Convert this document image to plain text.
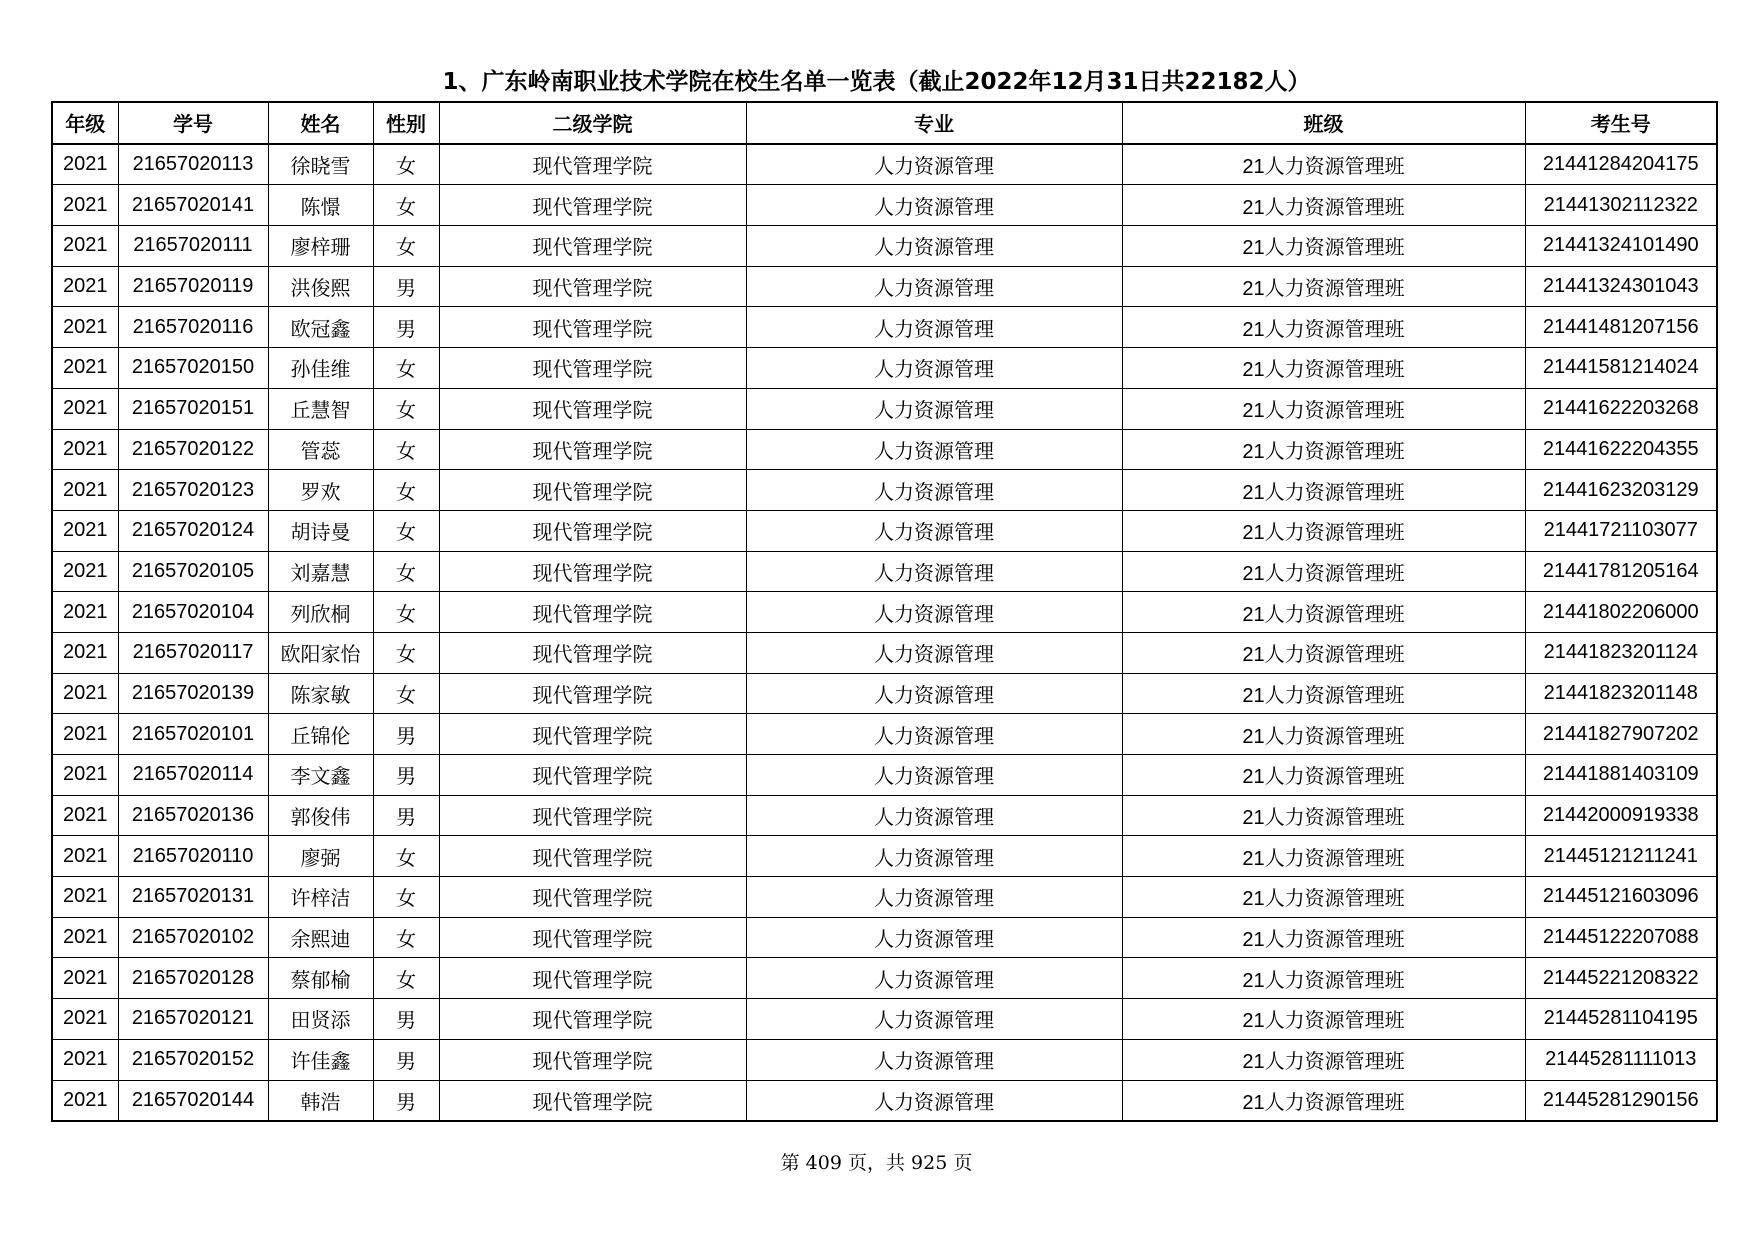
1、广东岭南职业技术学院在校生名单一览表（截止2022年12月31日共22182人）
年级	学号	姓名	性别	二级学院	专业	班级	考生号
2021	21657020113	徐晓雪	女	现代管理学院	人力资源管理	21人力资源管理班	21441284204175
2021	21657020141	陈憬	女	现代管理学院	人力资源管理	21人力资源管理班	21441302112322
2021	21657020111	廖梓珊	女	现代管理学院	人力资源管理	21人力资源管理班	21441324101490
2021	21657020119	洪俊熙	男	现代管理学院	人力资源管理	21人力资源管理班	21441324301043
2021	21657020116	欧冠鑫	男	现代管理学院	人力资源管理	21人力资源管理班	21441481207156
2021	21657020150	孙佳维	女	现代管理学院	人力资源管理	21人力资源管理班	21441581214024
2021	21657020151	丘慧智	女	现代管理学院	人力资源管理	21人力资源管理班	21441622203268
2021	21657020122	管蕊	女	现代管理学院	人力资源管理	21人力资源管理班	21441622204355
2021	21657020123	罗欢	女	现代管理学院	人力资源管理	21人力资源管理班	21441623203129
2021	21657020124	胡诗曼	女	现代管理学院	人力资源管理	21人力资源管理班	21441721103077
2021	21657020105	刘嘉慧	女	现代管理学院	人力资源管理	21人力资源管理班	21441781205164
2021	21657020104	列欣桐	女	现代管理学院	人力资源管理	21人力资源管理班	21441802206000
2021	21657020117	欧阳家怡	女	现代管理学院	人力资源管理	21人力资源管理班	21441823201124
2021	21657020139	陈家敏	女	现代管理学院	人力资源管理	21人力资源管理班	21441823201148
2021	21657020101	丘锦伦	男	现代管理学院	人力资源管理	21人力资源管理班	21441827907202
2021	21657020114	李文鑫	男	现代管理学院	人力资源管理	21人力资源管理班	21441881403109
2021	21657020136	郭俊伟	男	现代管理学院	人力资源管理	21人力资源管理班	21442000919338
2021	21657020110	廖弼	女	现代管理学院	人力资源管理	21人力资源管理班	21445121211241
2021	21657020131	许梓洁	女	现代管理学院	人力资源管理	21人力资源管理班	21445121603096
2021	21657020102	余熙迪	女	现代管理学院	人力资源管理	21人力资源管理班	21445122207088
2021	21657020128	蔡郁榆	女	现代管理学院	人力资源管理	21人力资源管理班	21445221208322
2021	21657020121	田贤添	男	现代管理学院	人力资源管理	21人力资源管理班	21445281104195
2021	21657020152	许佳鑫	男	现代管理学院	人力资源管理	21人力资源管理班	21445281111013
2021	21657020144	韩浩	男	现代管理学院	人力资源管理	21人力资源管理班	21445281290156
第 409 页，共 925 页
